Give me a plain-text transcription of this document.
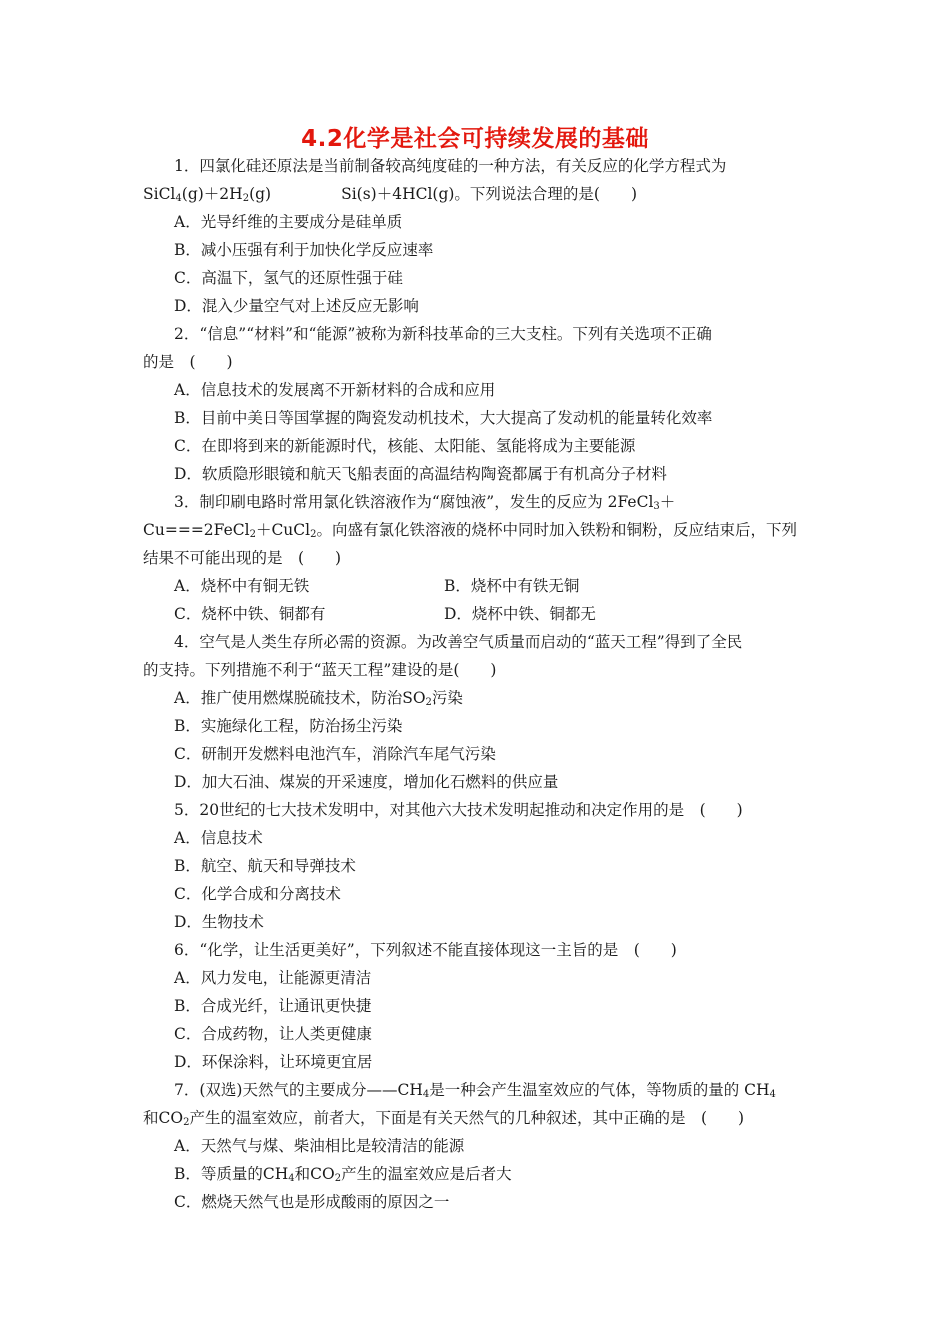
4.2化学是社会可持续发展的基础
1．四氯化硅还原法是当前制备较高纯度硅的一种方法，有关反应的化学方程式为
$SiCl_4(g)+2H_2(g)$	Si(s)＋4HCl(g)。下列说法合理的是(　　)
A．光导纤维的主要成分是硅单质
B．减小压强有利于加快化学反应速率
C．高温下，氢气的还原性强于硅
D．混入少量空气对上述反应无影响
2．“信息”“材料”和“能源”被称为新科技革命的三大支柱。下列有关选项不正确
的是　(　　)
A．信息技术的发展离不开新材料的合成和应用
B．目前中美日等国掌握的陶瓷发动机技术，大大提高了发动机的能量转化效率
C．在即将到来的新能源时代，核能、太阳能、氢能将成为主要能源
D．软质隐形眼镜和航天飞船表面的高温结构陶瓷都属于有机高分子材料
3．制印刷电路时常用氯化铁溶液作为“腐蚀液”，发生的反应为 2FeCl$_3$＋
Cu===2FeCl$_2$＋CuCl$_2$。向盛有氯化铁溶液的烧杯中同时加入铁粉和铜粉，反应结束后，下列
结果不可能出现的是　(　　)
A．烧杯中有铜无铁	B．烧杯中有铁无铜
C．烧杯中铁、铜都有	D．烧杯中铁、铜都无
4．空气是人类生存所必需的资源。为改善空气质量而启动的“蓝天工程”得到了全民
的支持。下列措施不利于“蓝天工程”建设的是(　　)
A．推广使用燃煤脱硫技术，防治$SO_2$污染
B．实施绿化工程，防治扬尘污染
C．研制开发燃料电池汽车，消除汽车尾气污染
D．加大石油、煤炭的开采速度，增加化石燃料的供应量
5．20世纪的七大技术发明中，对其他六大技术发明起推动和决定作用的是　(　　)
A．信息技术
B．航空、航天和导弹技术
C．化学合成和分离技术
D．生物技术
6．“化学，让生活更美好”，下列叙述不能直接体现这一主旨的是　(　　)
A．风力发电，让能源更清洁
B．合成光纤，让通讯更快捷
C．合成药物，让人类更健康
D．环保涂料，让环境更宜居
7．(双选)天然气的主要成分$——CH_4$是一种会产生温室效应的气体，等物质的量的 $CH_4$
和$CO_2$产生的温室效应，前者大，下面是有关天然气的几种叙述，其中正确的是　(　　)
A．天然气与煤、柴油相比是较清洁的能源
B．等质量的$CH_4$和$CO_2$产生的温室效应是后者大
C．燃烧天然气也是形成酸雨的原因之一
